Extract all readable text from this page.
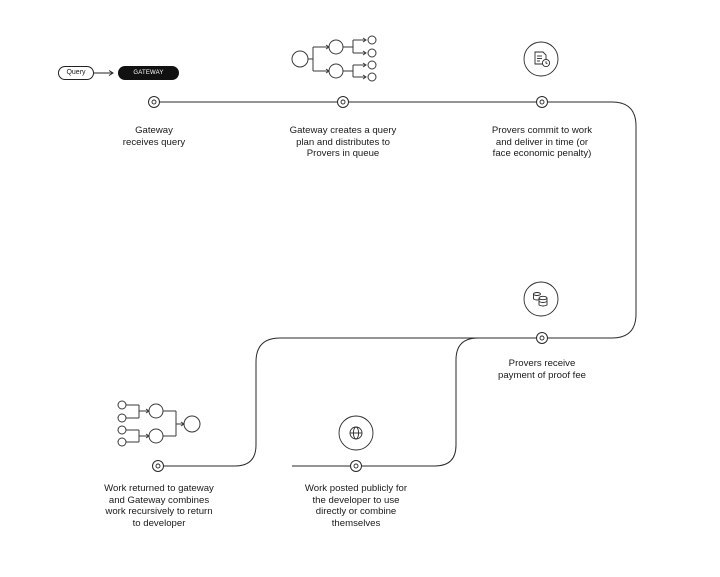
Query	GATEWAY
Gateway
receives query
Gateway creates a query
plan and distributes to
Provers in queue
Provers commit to work
and deliver in time (or
face economic penalty)
Provers receive
payment of proof fee
Work posted publicly for
the developer to use
directly or combine
themselves
Work returned to gateway
and Gateway combines
work recursively to return
to developer
